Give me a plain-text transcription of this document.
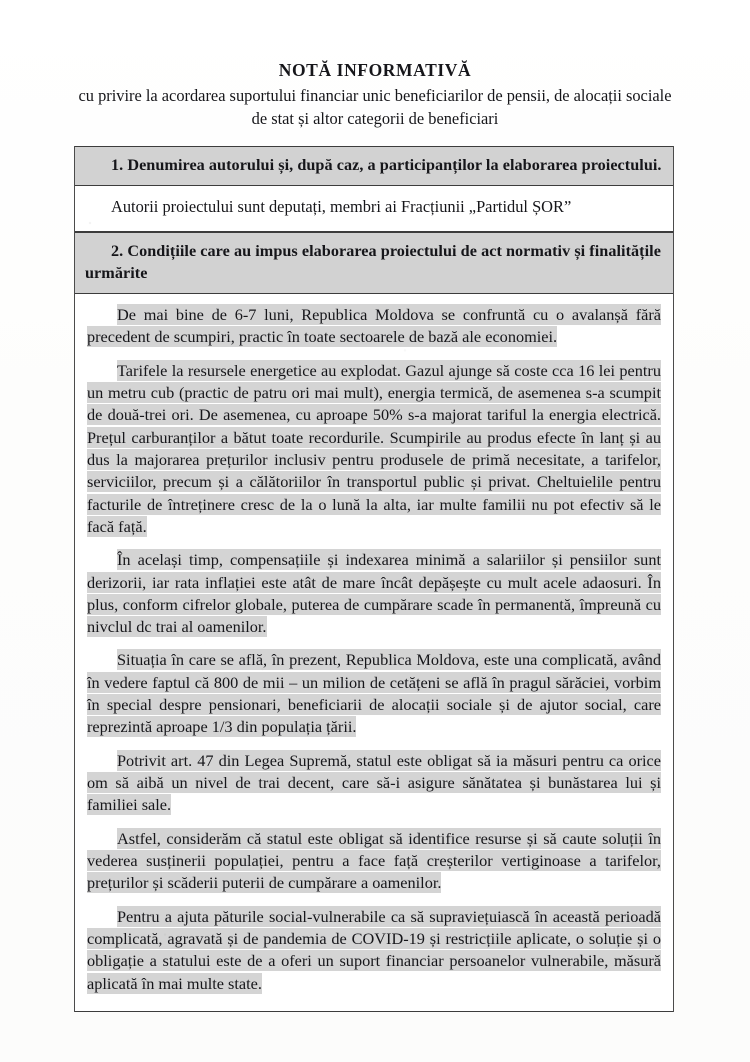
NOTĂ INFORMATIVĂ

cu privire la acordarea suportului financiar unic beneficiarilor de pensii, de alocații sociale de stat și altor categorii de beneficiari

1. Denumirea autorului și, după caz, a participanților la elaborarea proiectului.
Autorii proiectului sunt deputați, membri ai Fracțiunii „Partidul ȘOR”
2. Condițiile care au impus elaborarea proiectului de act normativ și finalitățile urmărite

De mai bine de 6-7 luni, Republica Moldova se confruntă cu o avalanșă fără precedent de scumpiri, practic în toate sectoarele de bază ale economiei.

Tarifele la resursele energetice au explodat. Gazul ajunge să coste cca 16 lei pentru un metru cub (practic de patru ori mai mult), energia termică, de asemenea s-a scumpit de două-trei ori. De asemenea, cu aproape 50% s-a majorat tariful la energia electrică. Prețul carburanților a bătut toate recordurile. Scumpirile au produs efecte în lanț și au dus la majorarea prețurilor inclusiv pentru produsele de primă necesitate, a tarifelor, serviciilor, precum și a călătoriilor în transportul public și privat. Cheltuielile pentru facturile de întreținere cresc de la o lună la alta, iar multe familii nu pot efectiv să le facă față.

În același timp, compensațiile și indexarea minimă a salariilor și pensiilor sunt derizorii, iar rata inflației este atât de mare încât depășește cu mult acele adaosuri. În plus, conform cifrelor globale, puterea de cumpărare scade în permanentă, împreună cu nivclul dc trai al oamenilor.

Situația în care se află, în prezent, Republica Moldova, este una complicată, având în vedere faptul că 800 de mii – un milion de cetățeni se află în pragul sărăciei, vorbim în special despre pensionari, beneficiarii de alocații sociale și de ajutor social, care reprezintă aproape 1/3 din populația țării.

Potrivit art. 47 din Legea Supremă, statul este obligat să ia măsuri pentru ca orice om să aibă un nivel de trai decent, care să-i asigure sănătatea și bunăstarea lui și familiei sale.

Astfel, considerăm că statul este obligat să identifice resurse și să caute soluții în vederea susținerii populației, pentru a face față creșterilor vertiginoase a tarifelor, prețurilor și scăderii puterii de cumpărare a oamenilor.

Pentru a ajuta păturile social-vulnerabile ca să supraviețuiască în această perioadă complicată, agravată și de pandemia de COVID-19 și restricțiile aplicate, o soluție și o obligație a statului este de a oferi un suport financiar persoanelor vulnerabile, măsură aplicată în mai multe state.
